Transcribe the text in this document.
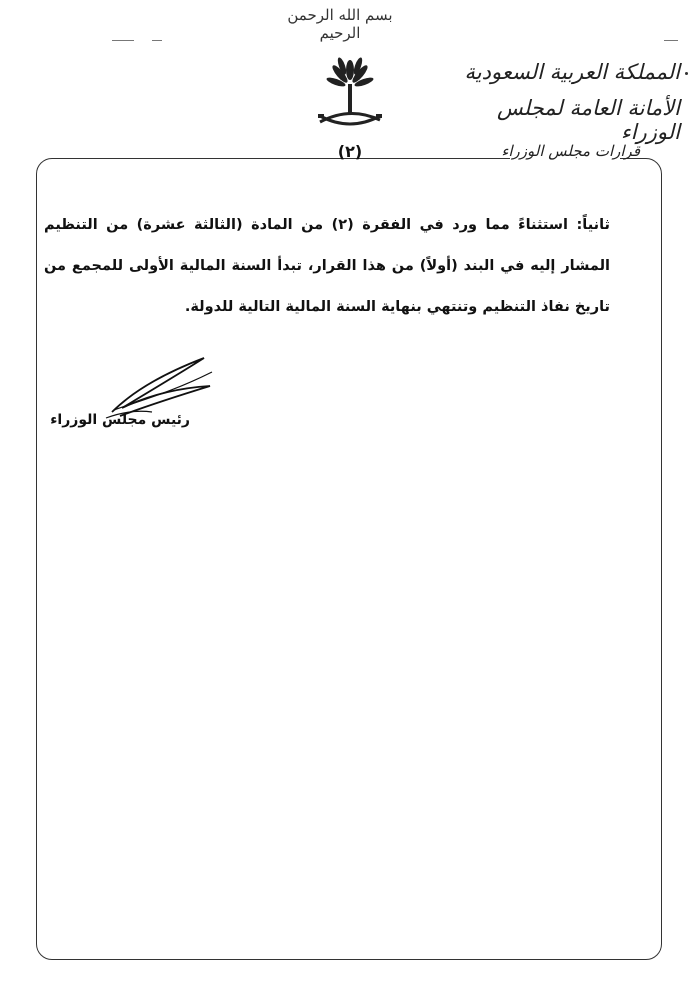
بسم الله الرحمن الرحيم
المملكة العربية السعودية
الأمانة العامة لمجلس الوزراء
قرارات مجلس الوزراء
(٢)
ثانياً: استثناءً مما ورد في الفقرة (٢) من المادة (الثالثة عشرة) من التنظيم المشار إليه في البند (أولاً) من هذا القرار، تبدأ السنة المالية الأولى للمجمع من تاريخ نفاذ التنظيم وتنتهي بنهاية السنة المالية التالية للدولة.
رئيس مجلس الوزراء
